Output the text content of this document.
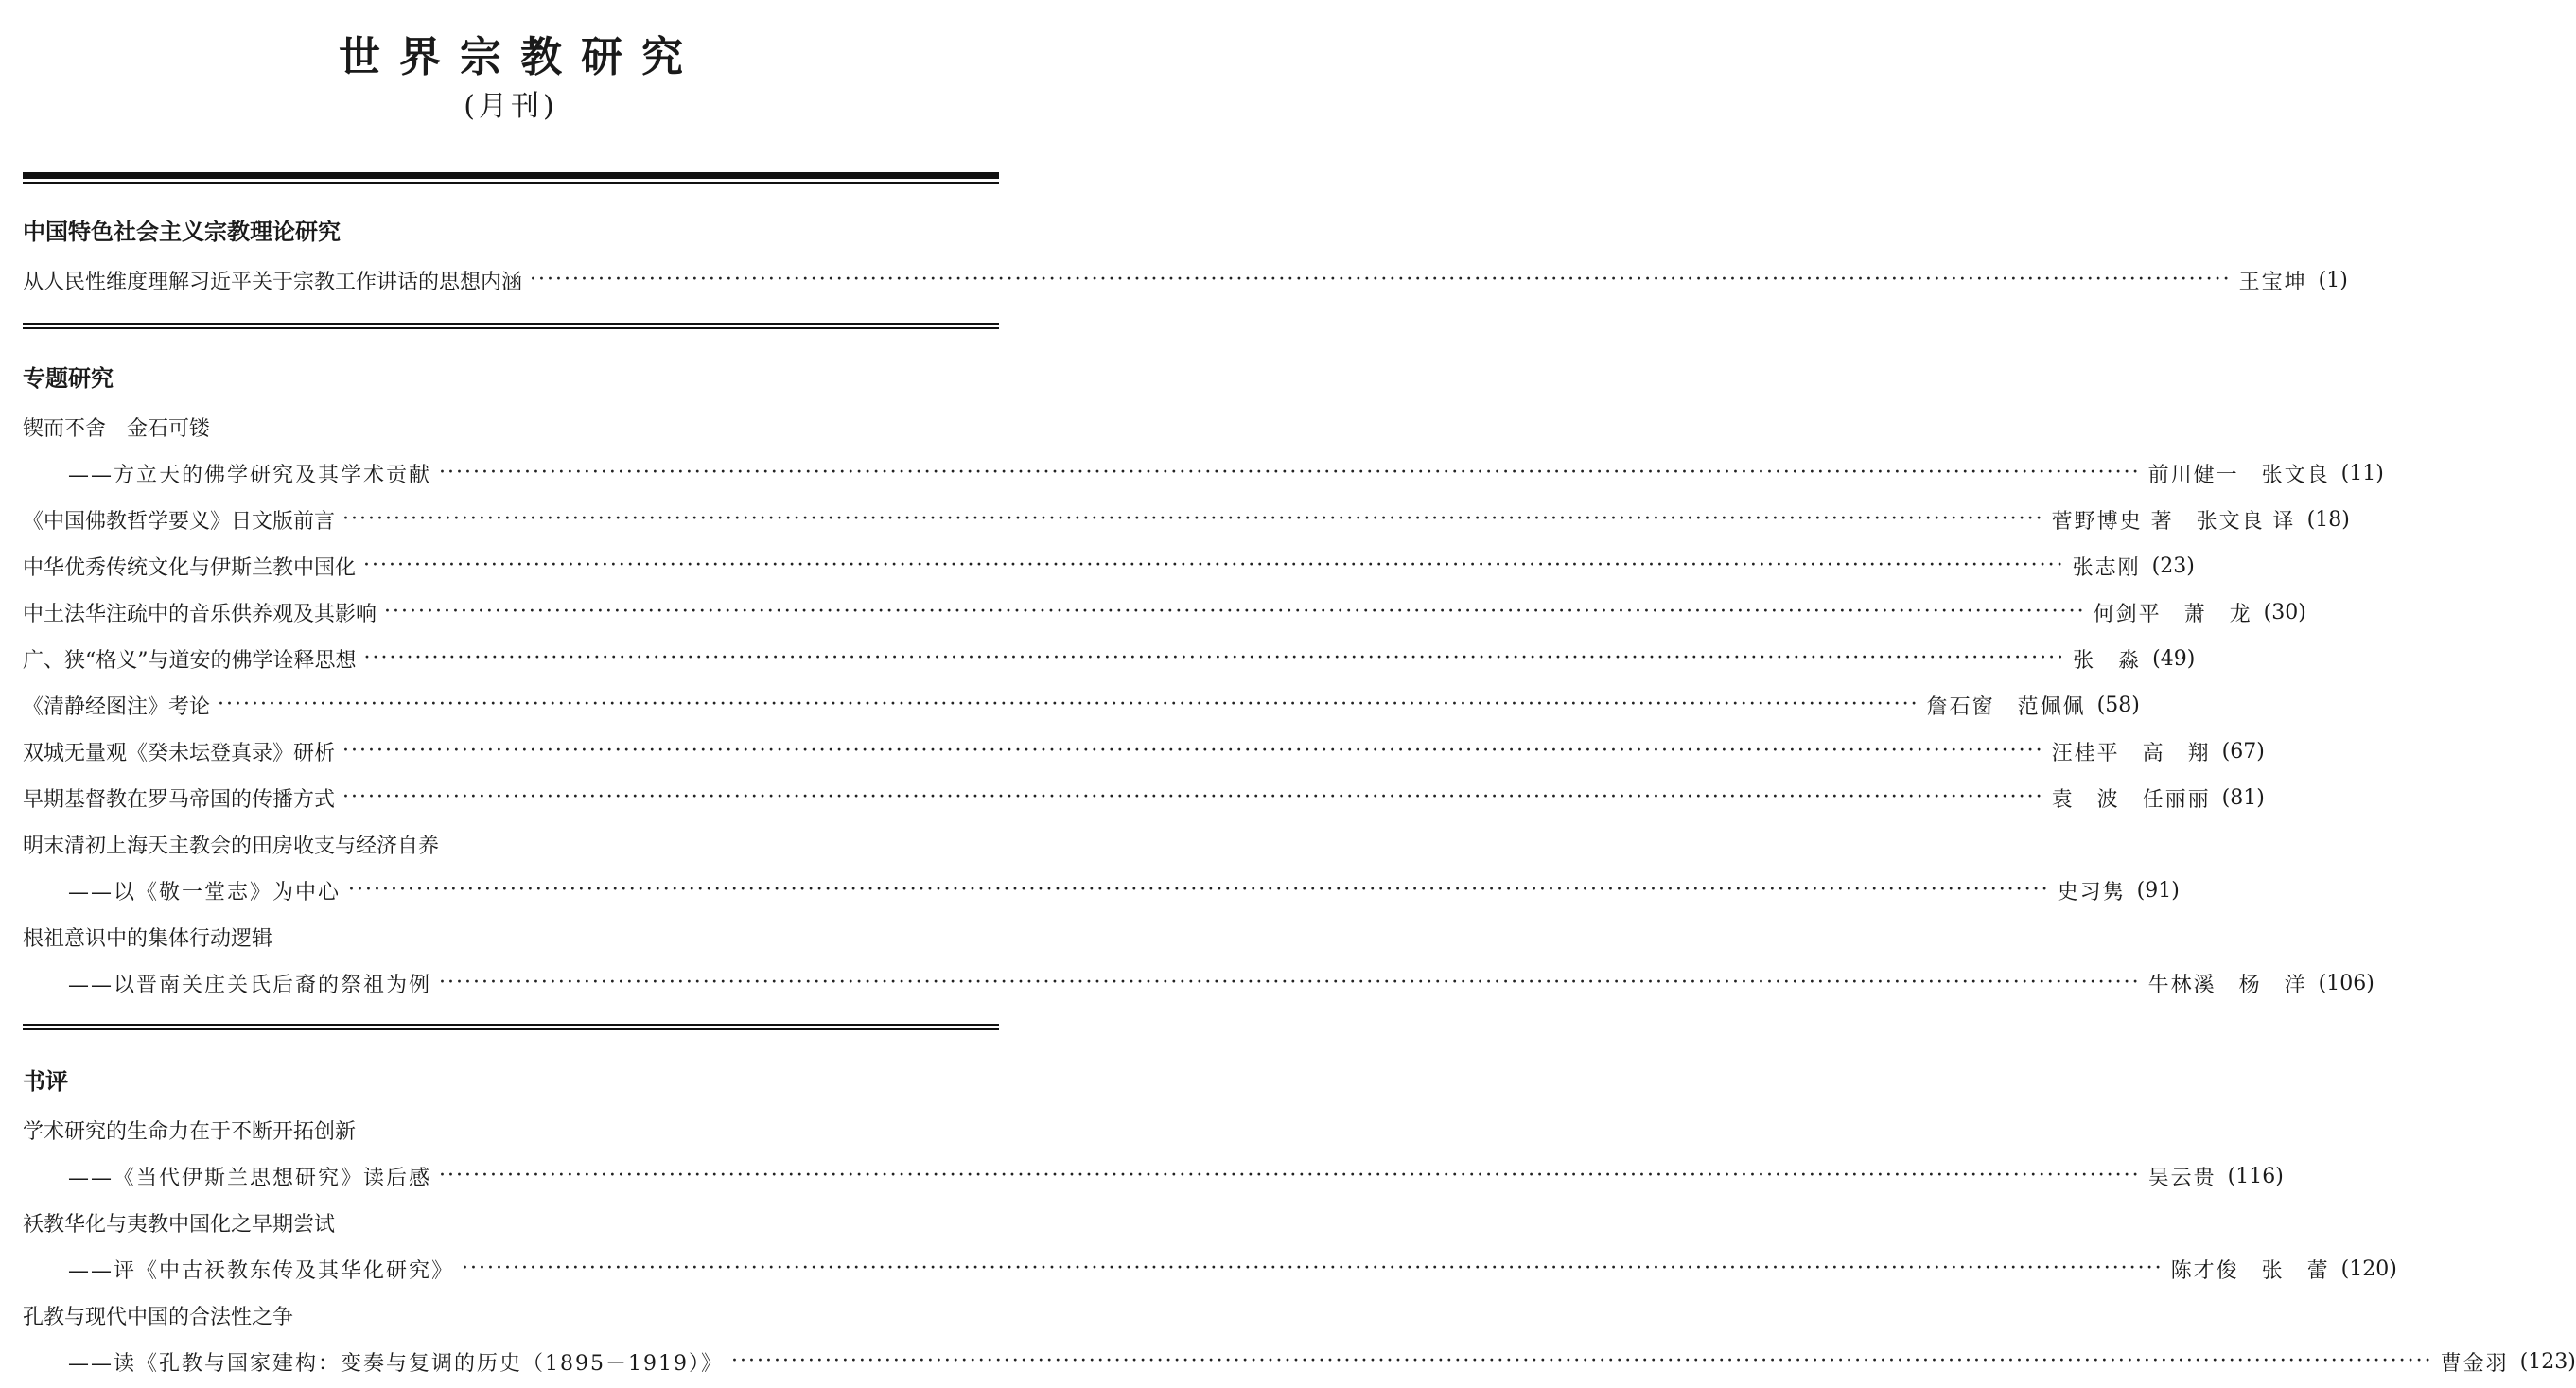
世界宗教研究
(月刊)
中国特色社会主义宗教理论研究
从人民性维度理解习近平关于宗教工作讲话的思想内涵 ········································································································································································································ 王宝坤 (1)
专题研究
锲而不舍　金石可镂
——方立天的佛学研究及其学术贡献 ········································································································································································································ 前川健一　张文良 (11)
《中国佛教哲学要义》日文版前言 ········································································································································································································ 菅野博史 著　张文良 译 (18)
中华优秀传统文化与伊斯兰教中国化 ········································································································································································································ 张志刚 (23)
中土法华注疏中的音乐供养观及其影响 ········································································································································································································ 何剑平　萧　龙 (30)
广、狭“格义”与道安的佛学诠释思想 ········································································································································································································ 张　淼 (49)
《清静经图注》考论 ········································································································································································································ 詹石窗　范佩佩 (58)
双城无量观《癸未坛登真录》研析 ········································································································································································································ 汪桂平　高　翔 (67)
早期基督教在罗马帝国的传播方式 ········································································································································································································ 袁　波　任丽丽 (81)
明末清初上海天主教会的田房收支与经济自养
——以《敬一堂志》为中心 ········································································································································································································ 史习隽 (91)
根祖意识中的集体行动逻辑
——以晋南关庄关氏后裔的祭祖为例 ········································································································································································································ 牛林溪　杨　洋 (106)
书评
学术研究的生命力在于不断开拓创新
——《当代伊斯兰思想研究》读后感 ········································································································································································································ 吴云贵 (116)
袄教华化与夷教中国化之早期尝试
——评《中古祆教东传及其华化研究》 ········································································································································································································ 陈才俊　张　蕾 (120)
孔教与现代中国的合法性之争
——读《孔教与国家建构：变奏与复调的历史（1895－1919）》 ········································································································································································································ 曹金羽 (123)
